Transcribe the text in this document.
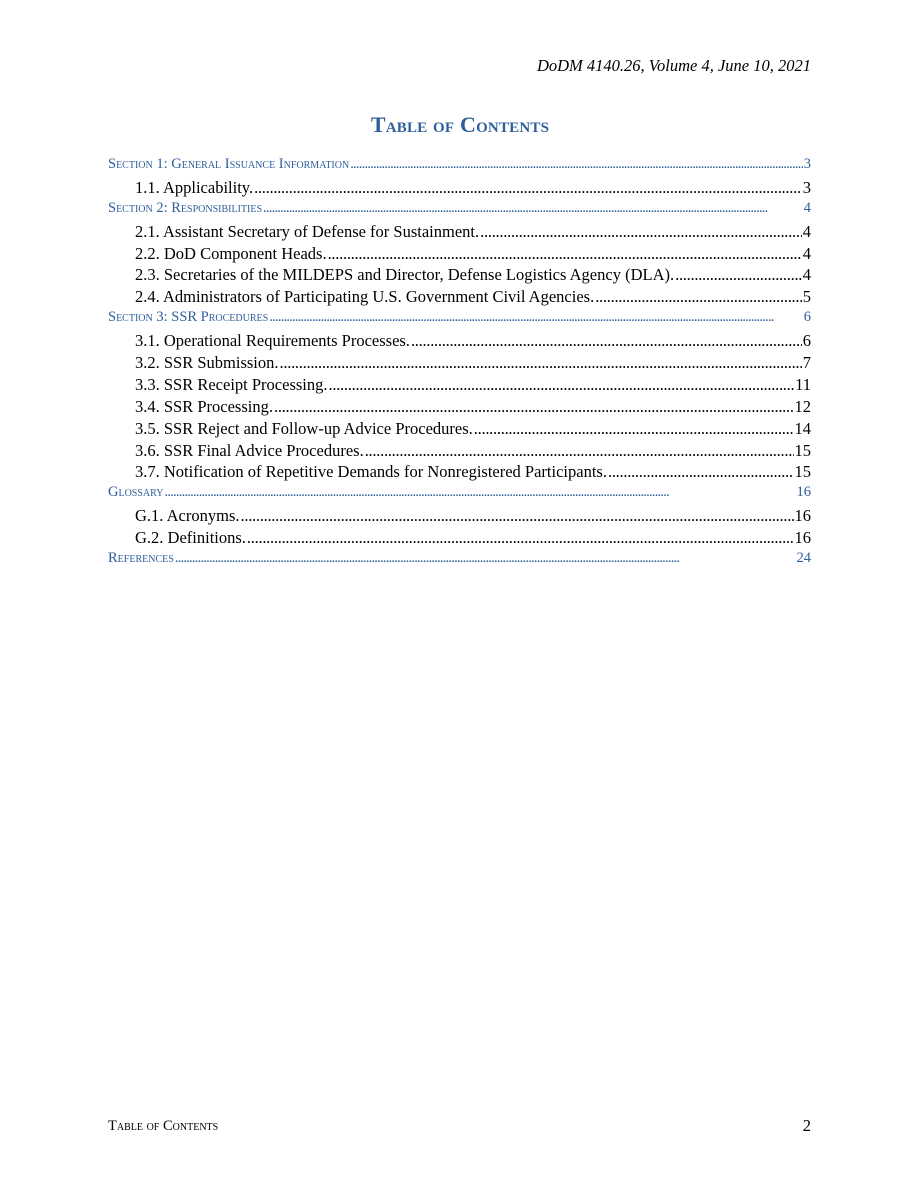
DoDM 4140.26, Volume 4, June 10, 2021
Table of Contents
Section 1: General Issuance Information . . .	3
1.1. Applicability. . . .	3
Section 2: Responsibilities . . .	4
2.1. Assistant Secretary of Defense for Sustainment. . . .	4
2.2. DoD Component Heads. . . .	4
2.3. Secretaries of the MILDEPS and Director, Defense Logistics Agency (DLA). . . .	4
2.4. Administrators of Participating U.S. Government Civil Agencies. . . .	5
Section 3: SSR Procedures . . .	6
3.1. Operational Requirements Processes. . . .	6
3.2. SSR Submission. . . .	7
3.3. SSR Receipt Processing. . . .	11
3.4. SSR Processing. . . .	12
3.5. SSR Reject and Follow-up Advice Procedures. . . .	14
3.6. SSR Final Advice Procedures. . . .	15
3.7. Notification of Repetitive Demands for Nonregistered Participants. . . .	15
Glossary . . .	16
G.1. Acronyms. . . .	16
G.2. Definitions. . . .	16
References . . .	24
Table of Contents	2
